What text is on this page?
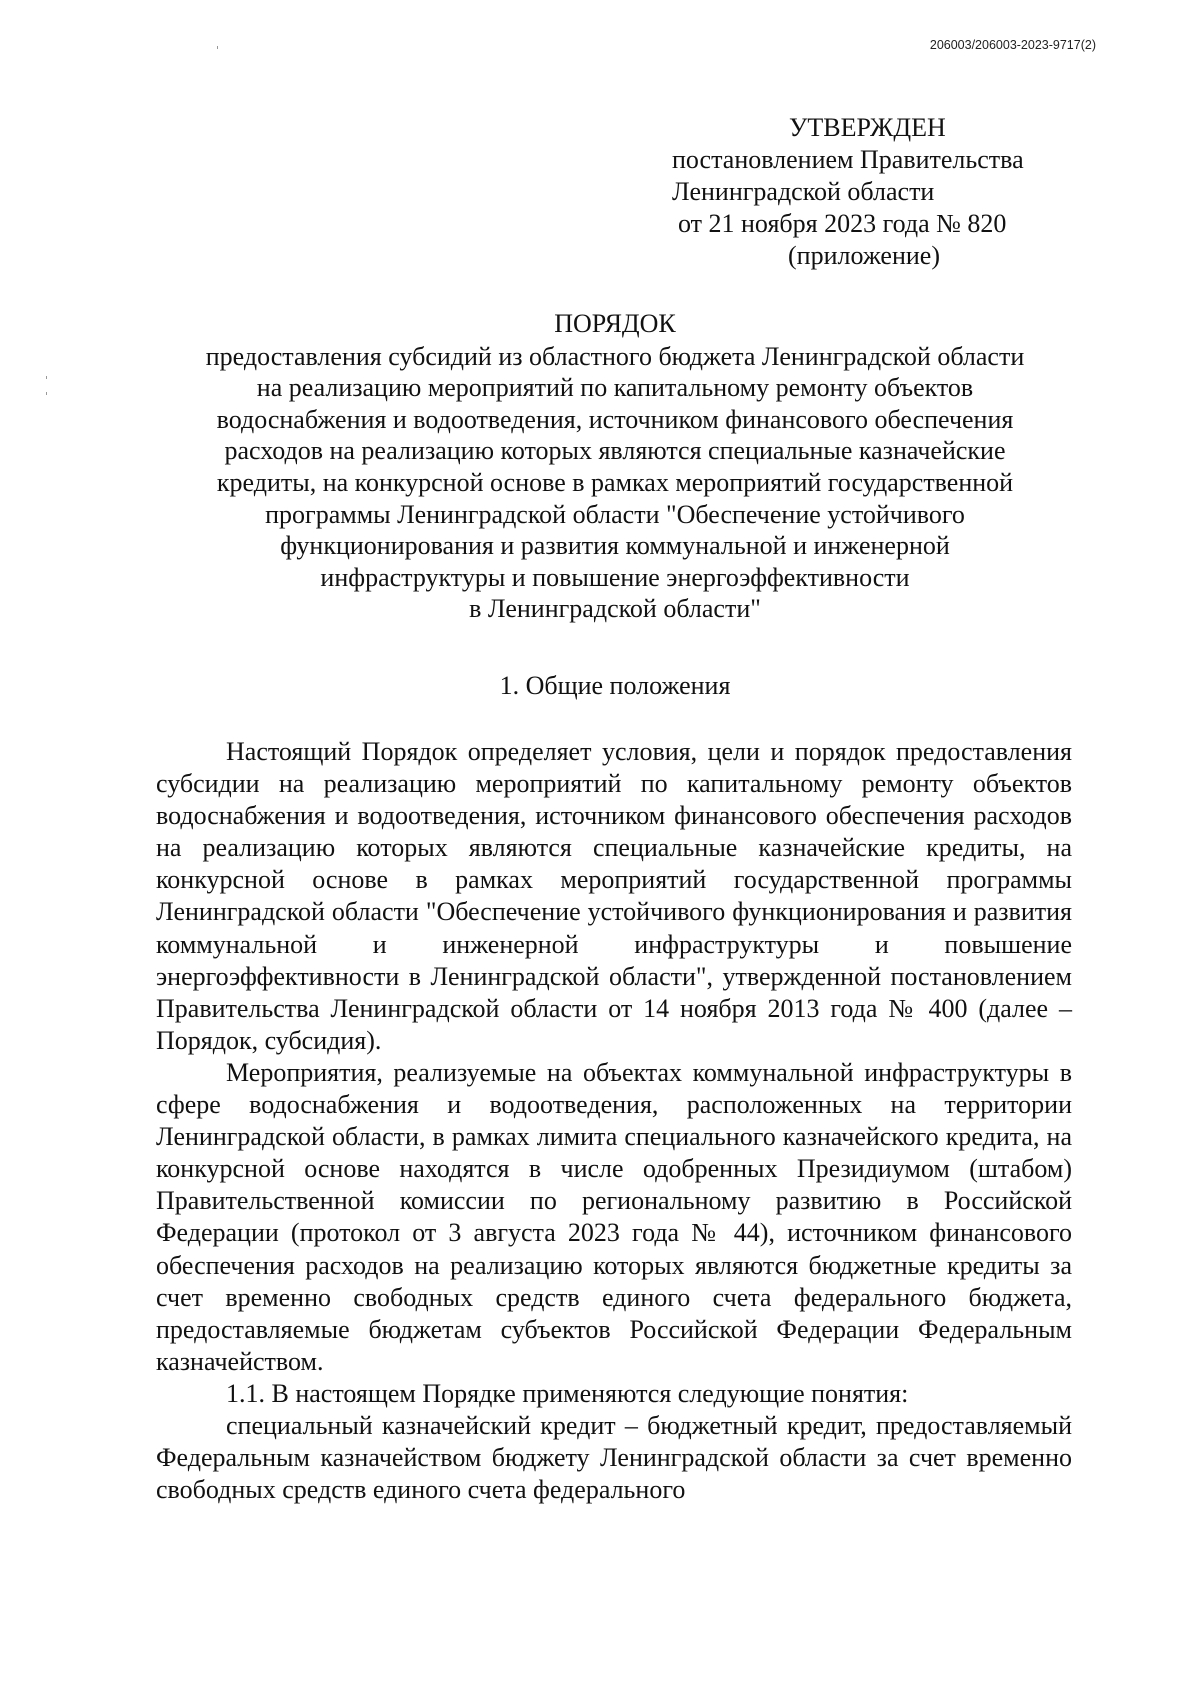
206003/206003-2023-9717(2)
УТВЕРЖДЕН
постановлением Правительства
Ленинградской области
от 21 ноября 2023 года № 820
(приложение)
ПОРЯДОК
предоставления субсидий из областного бюджета Ленинградской области
на реализацию мероприятий по капитальному ремонту объектов
водоснабжения и водоотведения, источником финансового обеспечения
расходов на реализацию которых являются специальные казначейские
кредиты, на конкурсной основе в рамках мероприятий государственной
программы Ленинградской области "Обеспечение устойчивого
функционирования и развития коммунальной и инженерной
инфраструктуры и повышение энергоэффективности
в Ленинградской области"
1. Общие положения

Настоящий Порядок определяет условия, цели и порядок предоставления субсидии на реализацию мероприятий по капитальному ремонту объектов водоснабжения и водоотведения, источником финансового обеспечения расходов на реализацию которых являются специальные казначейские кредиты, на конкурсной основе в рамках мероприятий государственной программы Ленинградской области "Обеспечение устойчивого функционирования и развития коммунальной и инженерной инфраструктуры и повышение энергоэффективности в Ленинградской области", утвержденной постановлением Правительства Ленинградской области от 14 ноября 2013 года № 400 (далее – Порядок, субсидия).

Мероприятия, реализуемые на объектах коммунальной инфраструктуры в сфере водоснабжения и водоотведения, расположенных на территории Ленинградской области, в рамках лимита специального казначейского кредита, на конкурсной основе находятся в числе одобренных Президиумом (штабом) Правительственной комиссии по региональному развитию в Российской Федерации (протокол от 3 августа 2023 года № 44), источником финансового обеспечения расходов на реализацию которых являются бюджетные кредиты за счет временно свободных средств единого счета федерального бюджета, предоставляемые бюджетам субъектов Российской Федерации Федеральным казначейством.

1.1. В настоящем Порядке применяются следующие понятия:

специальный казначейский кредит – бюджетный кредит, предоставляемый Федеральным казначейством бюджету Ленинградской области за счет временно свободных средств единого счета федерального
